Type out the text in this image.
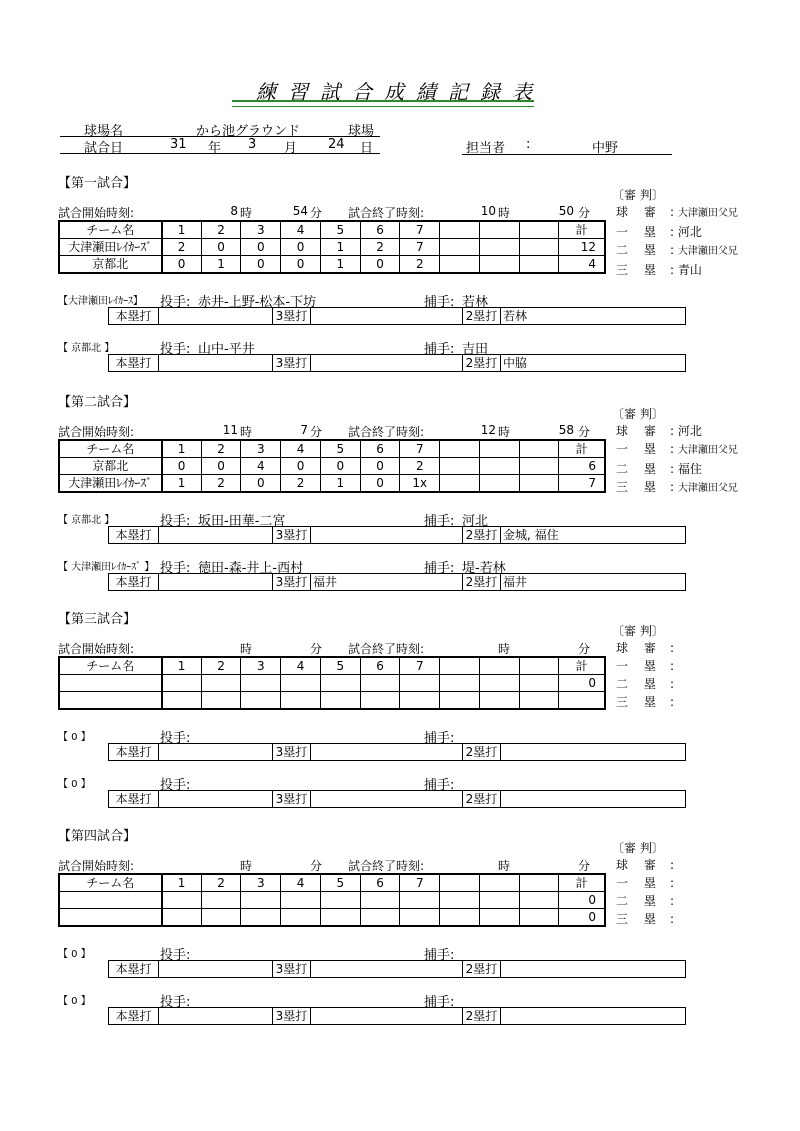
練習試合成績記録表
球場名	から池グラウンド	球場
試合日	31 年 3 月 24 日	担当者 :	中野
【第一試合】
〔審 判〕
試合開始時刻:	8 時	54 分 試合終了時刻:	10 時	50 分
チーム名	1	2	3	4	5	6	7				計
大津瀬田ﾚｲｶｰｽﾞ	2	0	0	0	1	2	7				12
京都北	0	1	0	0	1	0	2				4
球 審 : 大津瀬田父兄
一 塁 : 河北
二 塁 : 大津瀬田父兄
三 塁 : 青山
【大津瀬田ﾚｲｶｰｽ】	投手: 赤井-上野-松本-下坊	捕手: 若林
本塁打		3塁打		2塁打	若林
【 京都北 】	投手: 山中-平井	捕手: 吉田
本塁打		3塁打		2塁打	中脇
【第二試合】
〔審 判〕
試合開始時刻:	11 時	7 分 試合終了時刻:	12 時	58 分
チーム名	1	2	3	4	5	6	7				計
京都北	0	0	4	0	0	0	2				6
大津瀬田ﾚｲｶｰｽﾞ	1	2	0	2	1	0	1x				7
球 審 : 河北
一 塁 : 大津瀬田父兄
二 塁 : 福住
三 塁 : 大津瀬田父兄
【 京都北 】	投手: 坂田-田華-二宮	捕手: 河北
本塁打		3塁打		2塁打	金城, 福住
【 大津瀬田ﾚｲｶｰｽﾞ 】 投手: 徳田-森-井上-西村	捕手: 堤-若林
本塁打		3塁打	福井	2塁打	福井
【第三試合】
〔審 判〕
試合開始時刻:	時	分 試合終了時刻:	時	分
チーム名	1	2	3	4	5	6	7				計
											0

球 審 :
一 塁 :
二 塁 :
三 塁 :
【 0 】	投手:	捕手:
本塁打		3塁打		2塁打	
【 0 】	投手:	捕手:
本塁打		3塁打		2塁打	
【第四試合】
〔審 判〕
試合開始時刻:	時	分 試合終了時刻:	時	分
チーム名	1	2	3	4	5	6	7				計
											0
											0
球 審 :
一 塁 :
二 塁 :
三 塁 :
【 0 】	投手:	捕手:
本塁打		3塁打		2塁打	
【 0 】	投手:	捕手:
本塁打		3塁打		2塁打	
